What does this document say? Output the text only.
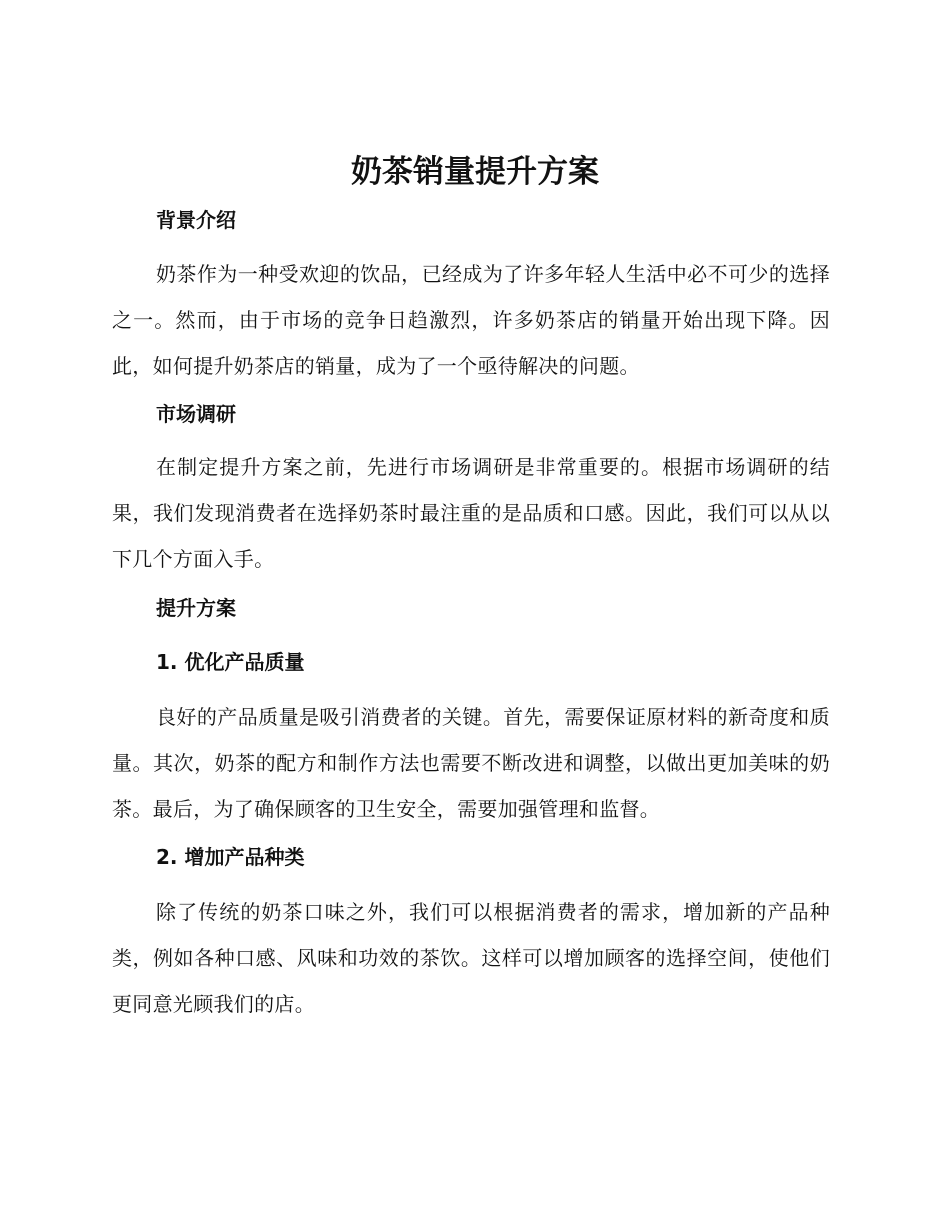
奶茶销量提升方案
背景介绍
奶茶作为一种受欢迎的饮品，已经成为了许多年轻人生活中必不可少的选择之一。然而，由于市场的竞争日趋激烈，许多奶茶店的销量开始出现下降。因此，如何提升奶茶店的销量，成为了一个亟待解决的问题。
市场调研
在制定提升方案之前，先进行市场调研是非常重要的。根据市场调研的结果，我们发现消费者在选择奶茶时最注重的是品质和口感。因此，我们可以从以下几个方面入手。
提升方案
1. 优化产品质量
良好的产品质量是吸引消费者的关键。首先，需要保证原材料的新奇度和质量。其次，奶茶的配方和制作方法也需要不断改进和调整，以做出更加美味的奶茶。最后，为了确保顾客的卫生安全，需要加强管理和监督。
2. 增加产品种类
除了传统的奶茶口味之外，我们可以根据消费者的需求，增加新的产品种类，例如各种口感、风味和功效的茶饮。这样可以增加顾客的选择空间，使他们更同意光顾我们的店。
